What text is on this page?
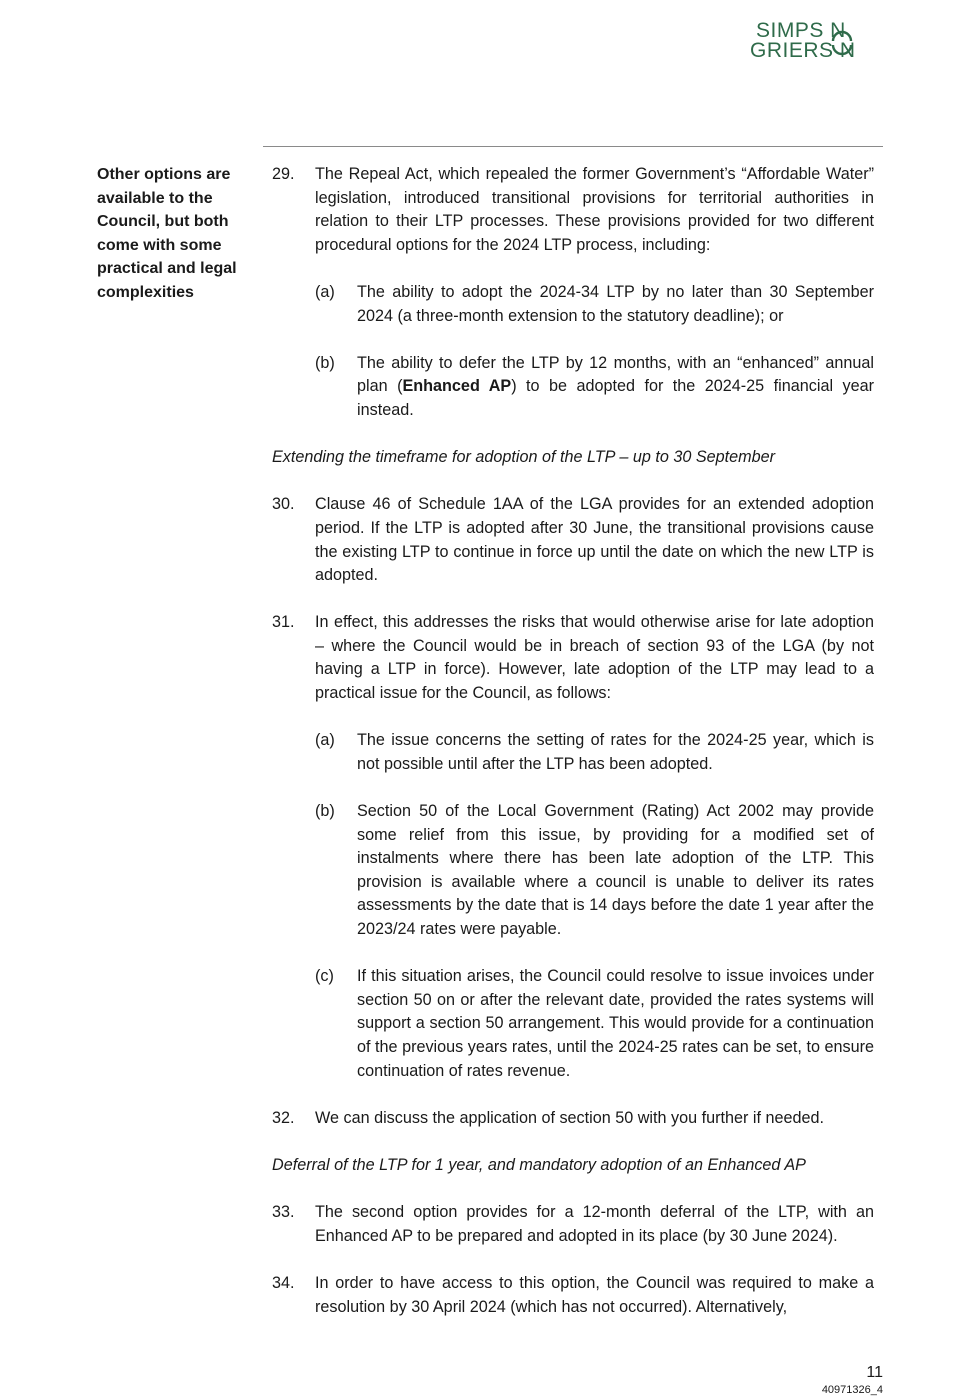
SIMPS N
GRIERS N
Other options are available to the Council, but both come with some practical and legal complexities
29. The Repeal Act, which repealed the former Government’s “Affordable Water” legislation, introduced transitional provisions for territorial authorities in relation to their LTP processes. These provisions provided for two different procedural options for the 2024 LTP process, including:
(a) The ability to adopt the 2024-34 LTP by no later than 30 September 2024 (a three-month extension to the statutory deadline); or
(b) The ability to defer the LTP by 12 months, with an “enhanced” annual plan (Enhanced AP) to be adopted for the 2024-25 financial year instead.
Extending the timeframe for adoption of the LTP – up to 30 September
30. Clause 46 of Schedule 1AA of the LGA provides for an extended adoption period. If the LTP is adopted after 30 June, the transitional provisions cause the existing LTP to continue in force up until the date on which the new LTP is adopted.
31. In effect, this addresses the risks that would otherwise arise for late adoption – where the Council would be in breach of section 93 of the LGA (by not having a LTP in force). However, late adoption of the LTP may lead to a practical issue for the Council, as follows:
(a) The issue concerns the setting of rates for the 2024-25 year, which is not possible until after the LTP has been adopted.
(b) Section 50 of the Local Government (Rating) Act 2002 may provide some relief from this issue, by providing for a modified set of instalments where there has been late adoption of the LTP. This provision is available where a council is unable to deliver its rates assessments by the date that is 14 days before the date 1 year after the 2023/24 rates were payable.
(c) If this situation arises, the Council could resolve to issue invoices under section 50 on or after the relevant date, provided the rates systems will support a section 50 arrangement. This would provide for a continuation of the previous years rates, until the 2024-25 rates can be set, to ensure continuation of rates revenue.
32. We can discuss the application of section 50 with you further if needed.
Deferral of the LTP for 1 year, and mandatory adoption of an Enhanced AP
33. The second option provides for a 12-month deferral of the LTP, with an Enhanced AP to be prepared and adopted in its place (by 30 June 2024).
34. In order to have access to this option, the Council was required to make a resolution by 30 April 2024 (which has not occurred). Alternatively,
11
40971326_4
